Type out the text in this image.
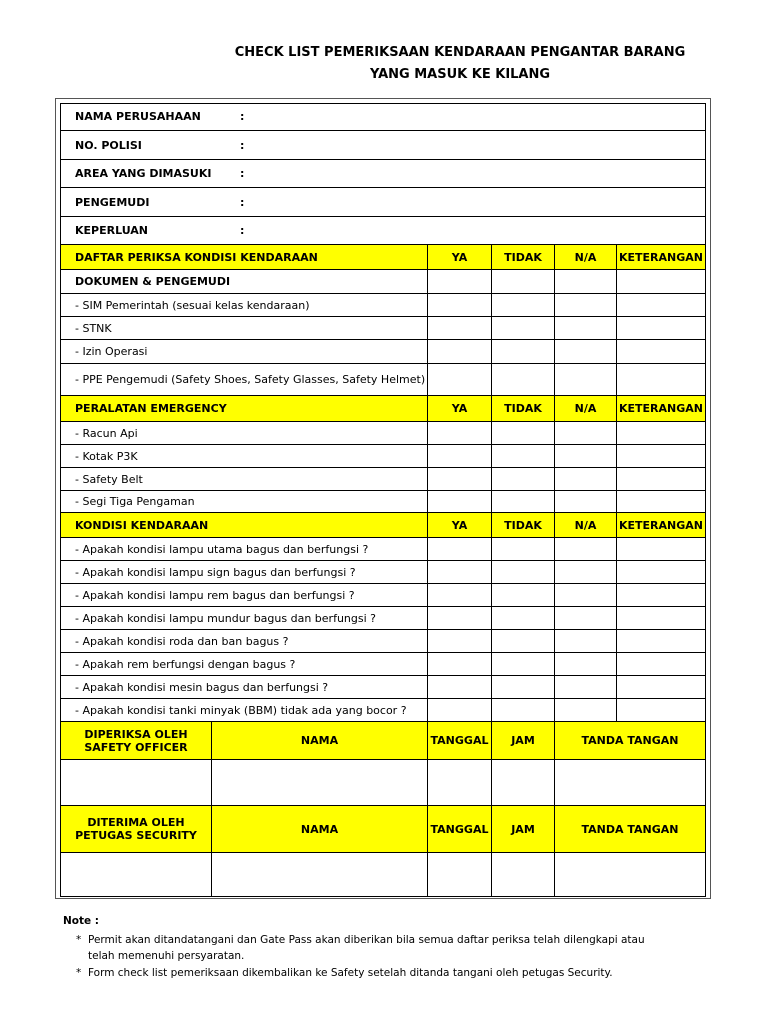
CHECK LIST PEMERIKSAAN KENDARAAN PENGANTAR BARANG
YANG MASUK KE KILANG
NAMA PERUSAHAAN	:
NO. POLISI	:
AREA YANG DIMASUKI	:
PENGEMUDI	:
KEPERLUAN	:
DAFTAR PERIKSA KONDISI KENDARAAN	YA	TIDAK	N/A	KETERANGAN
DOKUMEN & PENGEMUDI
- SIM Pemerintah (sesuai kelas kendaraan)
- STNK
- Izin Operasi
- PPE Pengemudi (Safety Shoes, Safety Glasses, Safety Helmet)
PERALATAN EMERGENCY	YA	TIDAK	N/A	KETERANGAN
- Racun Api
- Kotak P3K
- Safety Belt
- Segi Tiga Pengaman
KONDISI KENDARAAN	YA	TIDAK	N/A	KETERANGAN
- Apakah kondisi lampu utama bagus dan berfungsi ?
- Apakah kondisi lampu sign bagus dan berfungsi ?
- Apakah kondisi lampu rem bagus dan berfungsi ?
- Apakah kondisi lampu mundur bagus dan berfungsi ?
- Apakah kondisi roda dan ban bagus ?
- Apakah rem berfungsi dengan bagus ?
- Apakah kondisi mesin bagus dan berfungsi ?
- Apakah kondisi tanki minyak (BBM) tidak ada yang bocor ?
DIPERIKSA OLEH SAFETY OFFICER	NAMA	TANGGAL	JAM	TANDA TANGAN
DITERIMA OLEH PETUGAS SECURITY	NAMA	TANGGAL	JAM	TANDA TANGAN
Note :
* Permit akan ditandatangani dan Gate Pass akan diberikan bila semua daftar periksa telah dilengkapi atau
telah memenuhi persyaratan.
* Form check list pemeriksaan dikembalikan ke Safety setelah ditanda tangani oleh petugas Security.
